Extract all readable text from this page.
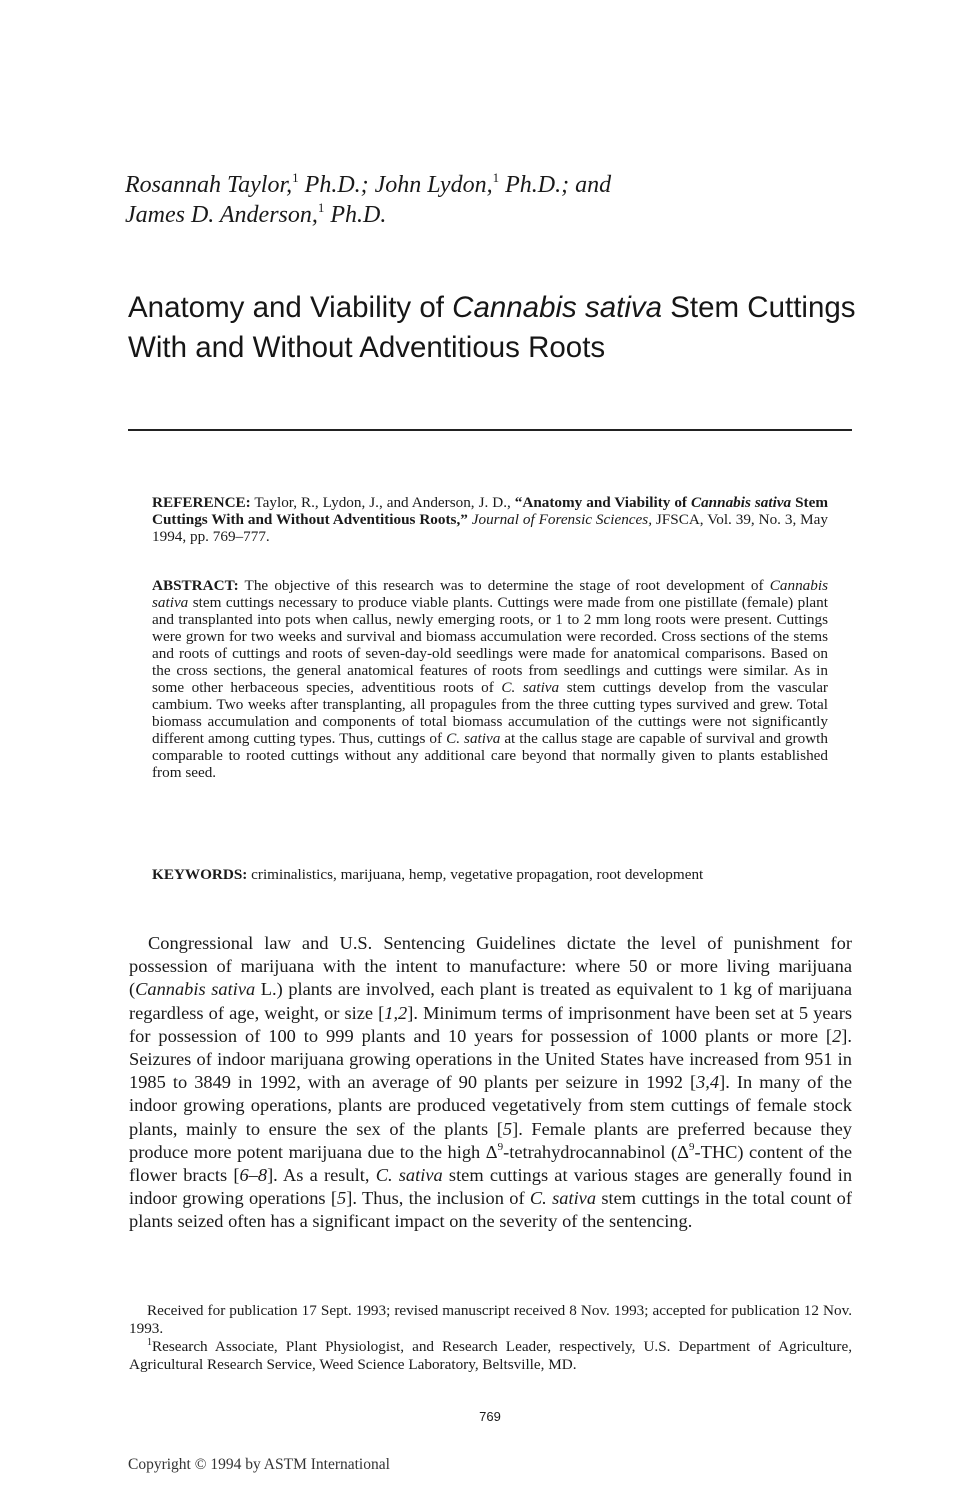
Rosannah Taylor,$^1$ Ph.D.; John Lydon,$^1$ Ph.D.; and
James D. Anderson,$^1$ Ph.D.
Anatomy and Viability of Cannabis sativa Stem Cuttings With and Without Adventitious Roots

REFERENCE: Taylor, R., Lydon, J., and Anderson, J. D., “Anatomy and Viability of Cannabis sativa Stem Cuttings With and Without Adventitious Roots,” Journal of Forensic Sciences, JFSCA, Vol. 39, No. 3, May 1994, pp. 769–777.

ABSTRACT: The objective of this research was to determine the stage of root development of Cannabis sativa stem cuttings necessary to produce viable plants. Cuttings were made from one pistillate (female) plant and transplanted into pots when callus, newly emerging roots, or 1 to 2 mm long roots were present. Cuttings were grown for two weeks and survival and biomass accumulation were recorded. Cross sections of the stems and roots of cuttings and roots of seven-day-old seedlings were made for anatomical comparisons. Based on the cross sections, the general anatomical features of roots from seedlings and cuttings were similar. As in some other herbaceous species, adventitious roots of C. sativa stem cuttings develop from the vascular cambium. Two weeks after transplanting, all propagules from the three cutting types survived and grew. Total biomass accumulation and components of total biomass accumulation of the cuttings were not significantly different among cutting types. Thus, cuttings of C. sativa at the callus stage are capable of survival and growth comparable to rooted cuttings without any additional care beyond that normally given to plants established from seed.

KEYWORDS: criminalistics, marijuana, hemp, vegetative propagation, root development

Congressional law and U.S. Sentencing Guidelines dictate the level of punishment for possession of marijuana with the intent to manufacture: where 50 or more living marijuana (Cannabis sativa L.) plants are involved, each plant is treated as equivalent to 1 kg of marijuana regardless of age, weight, or size [1,2]. Minimum terms of imprisonment have been set at 5 years for possession of 100 to 999 plants and 10 years for possession of 1000 plants or more [2]. Seizures of indoor marijuana growing operations in the United States have increased from 951 in 1985 to 3849 in 1992, with an average of 90 plants per seizure in 1992 [3,4]. In many of the indoor growing operations, plants are produced vegetatively from stem cuttings of female stock plants, mainly to ensure the sex of the plants [5]. Female plants are preferred because they produce more potent marijuana due to the high $\Delta^9$-tetrahydrocannabinol $(\Delta^9-THC)$ content of the flower bracts [6–8]. As a result, C. sativa stem cuttings at various stages are generally found in indoor growing operations [5]. Thus, the inclusion of C. sativa stem cuttings in the total count of plants seized often has a significant impact on the severity of the sentencing.

Received for publication 17 Sept. 1993; revised manuscript received 8 Nov. 1993; accepted for publication 12 Nov. 1993.

$^1$Research Associate, Plant Physiologist, and Research Leader, respectively, U.S. Department of Agriculture, Agricultural Research Service, Weed Science Laboratory, Beltsville, MD.

769
Copyright © 1994 by ASTM International
